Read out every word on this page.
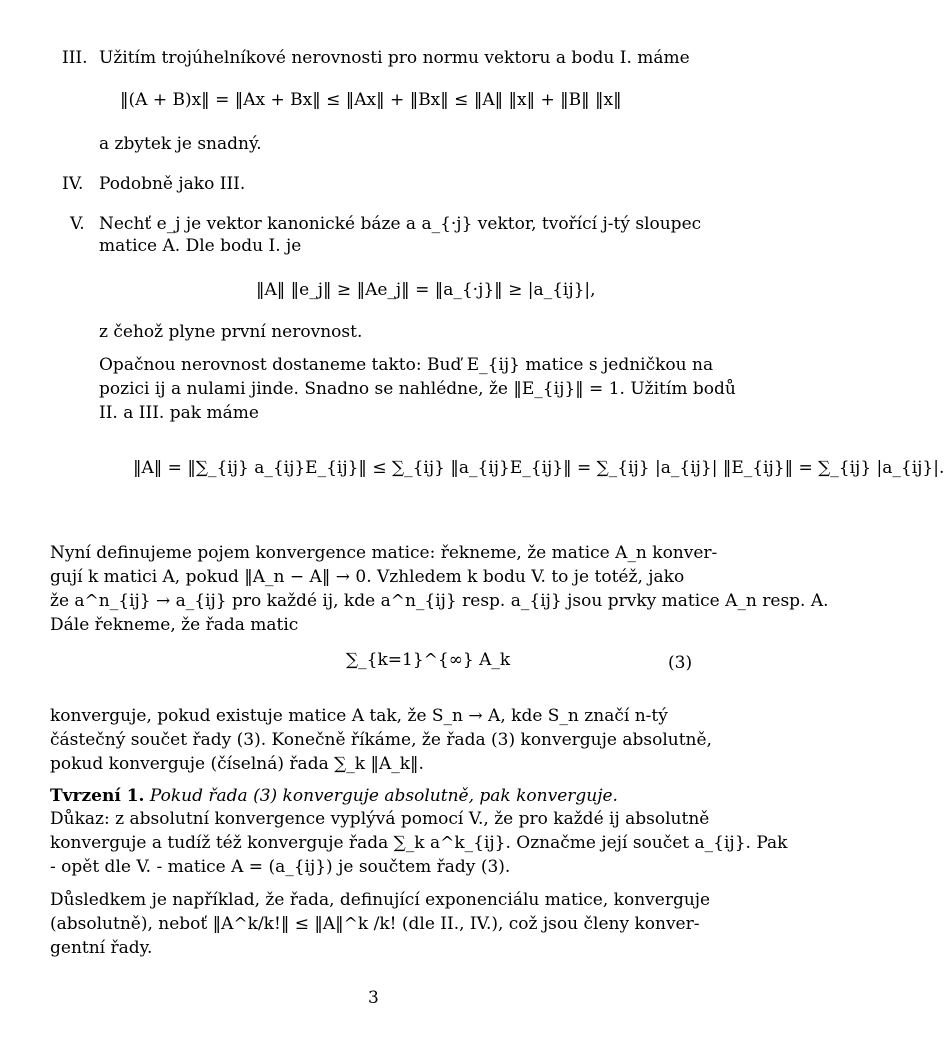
III. Užitím trojúhelníkové nerovnosti pro normu vektoru a bodu I. máme
‖(A + B)x‖ = ‖Ax + Bx‖ ≤ ‖Ax‖ + ‖Bx‖ ≤ ‖A‖ ‖x‖ + ‖B‖ ‖x‖
a zbytek je snadný.
IV. Podobně jako III.
V. Nechť e_j je vektor kanonické báze a a_{·j} vektor, tvořící j-tý sloupec
matice A. Dle bodu I. je
‖A‖ ‖e_j‖ ≥ ‖Ae_j‖ = ‖a_{·j}‖ ≥ |a_{ij}|,
z čehož plyne první nerovnost.
Opačnou nerovnost dostaneme takto: Buď E_{ij} matice s jedničkou na
pozici ij a nulami jinde. Snadno se nahlédne, že ‖E_{ij}‖ = 1. Užitím bodů
II. a III. pak máme
‖A‖ = ‖∑_{ij} a_{ij}E_{ij}‖ ≤ ∑_{ij} ‖a_{ij}E_{ij}‖ = ∑_{ij} |a_{ij}| ‖E_{ij}‖ = ∑_{ij} |a_{ij}|.
Nyní definujeme pojem konvergence matice: řekneme, že matice A_n konver-
gují k matici A, pokud ‖A_n − A‖ → 0. Vzhledem k bodu V. to je totéž, jako
že a^n_{ij} → a_{ij} pro každé ij, kde a^n_{ij} resp. a_{ij} jsou prvky matice A_n resp. A.
Dále řekneme, že řada matic
∑_{k=1}^{∞} A_k	(3)
konverguje, pokud existuje matice A tak, že S_n → A, kde S_n značí n-tý
částečný součet řady (3). Konečně říkáme, že řada (3) konverguje absolutně,
pokud konverguje (číselná) řada ∑_k ‖A_k‖.
Tvrzení 1. Pokud řada (3) konverguje absolutně, pak konverguje.
Důkaz: z absolutní konvergence vyplývá pomocí V., že pro každé ij absolutně
konverguje a tudíž též konverguje řada ∑_k a^k_{ij}. Označme její součet a_{ij}. Pak
- opět dle V. - matice A = (a_{ij}) je součtem řady (3).
Důsledkem je například, že řada, definující exponenciálu matice, konverguje
(absolutně), neboť ‖A^k/k!‖ ≤ ‖A‖^k /k! (dle II., IV.), což jsou členy konver-
gentní řady.
3
